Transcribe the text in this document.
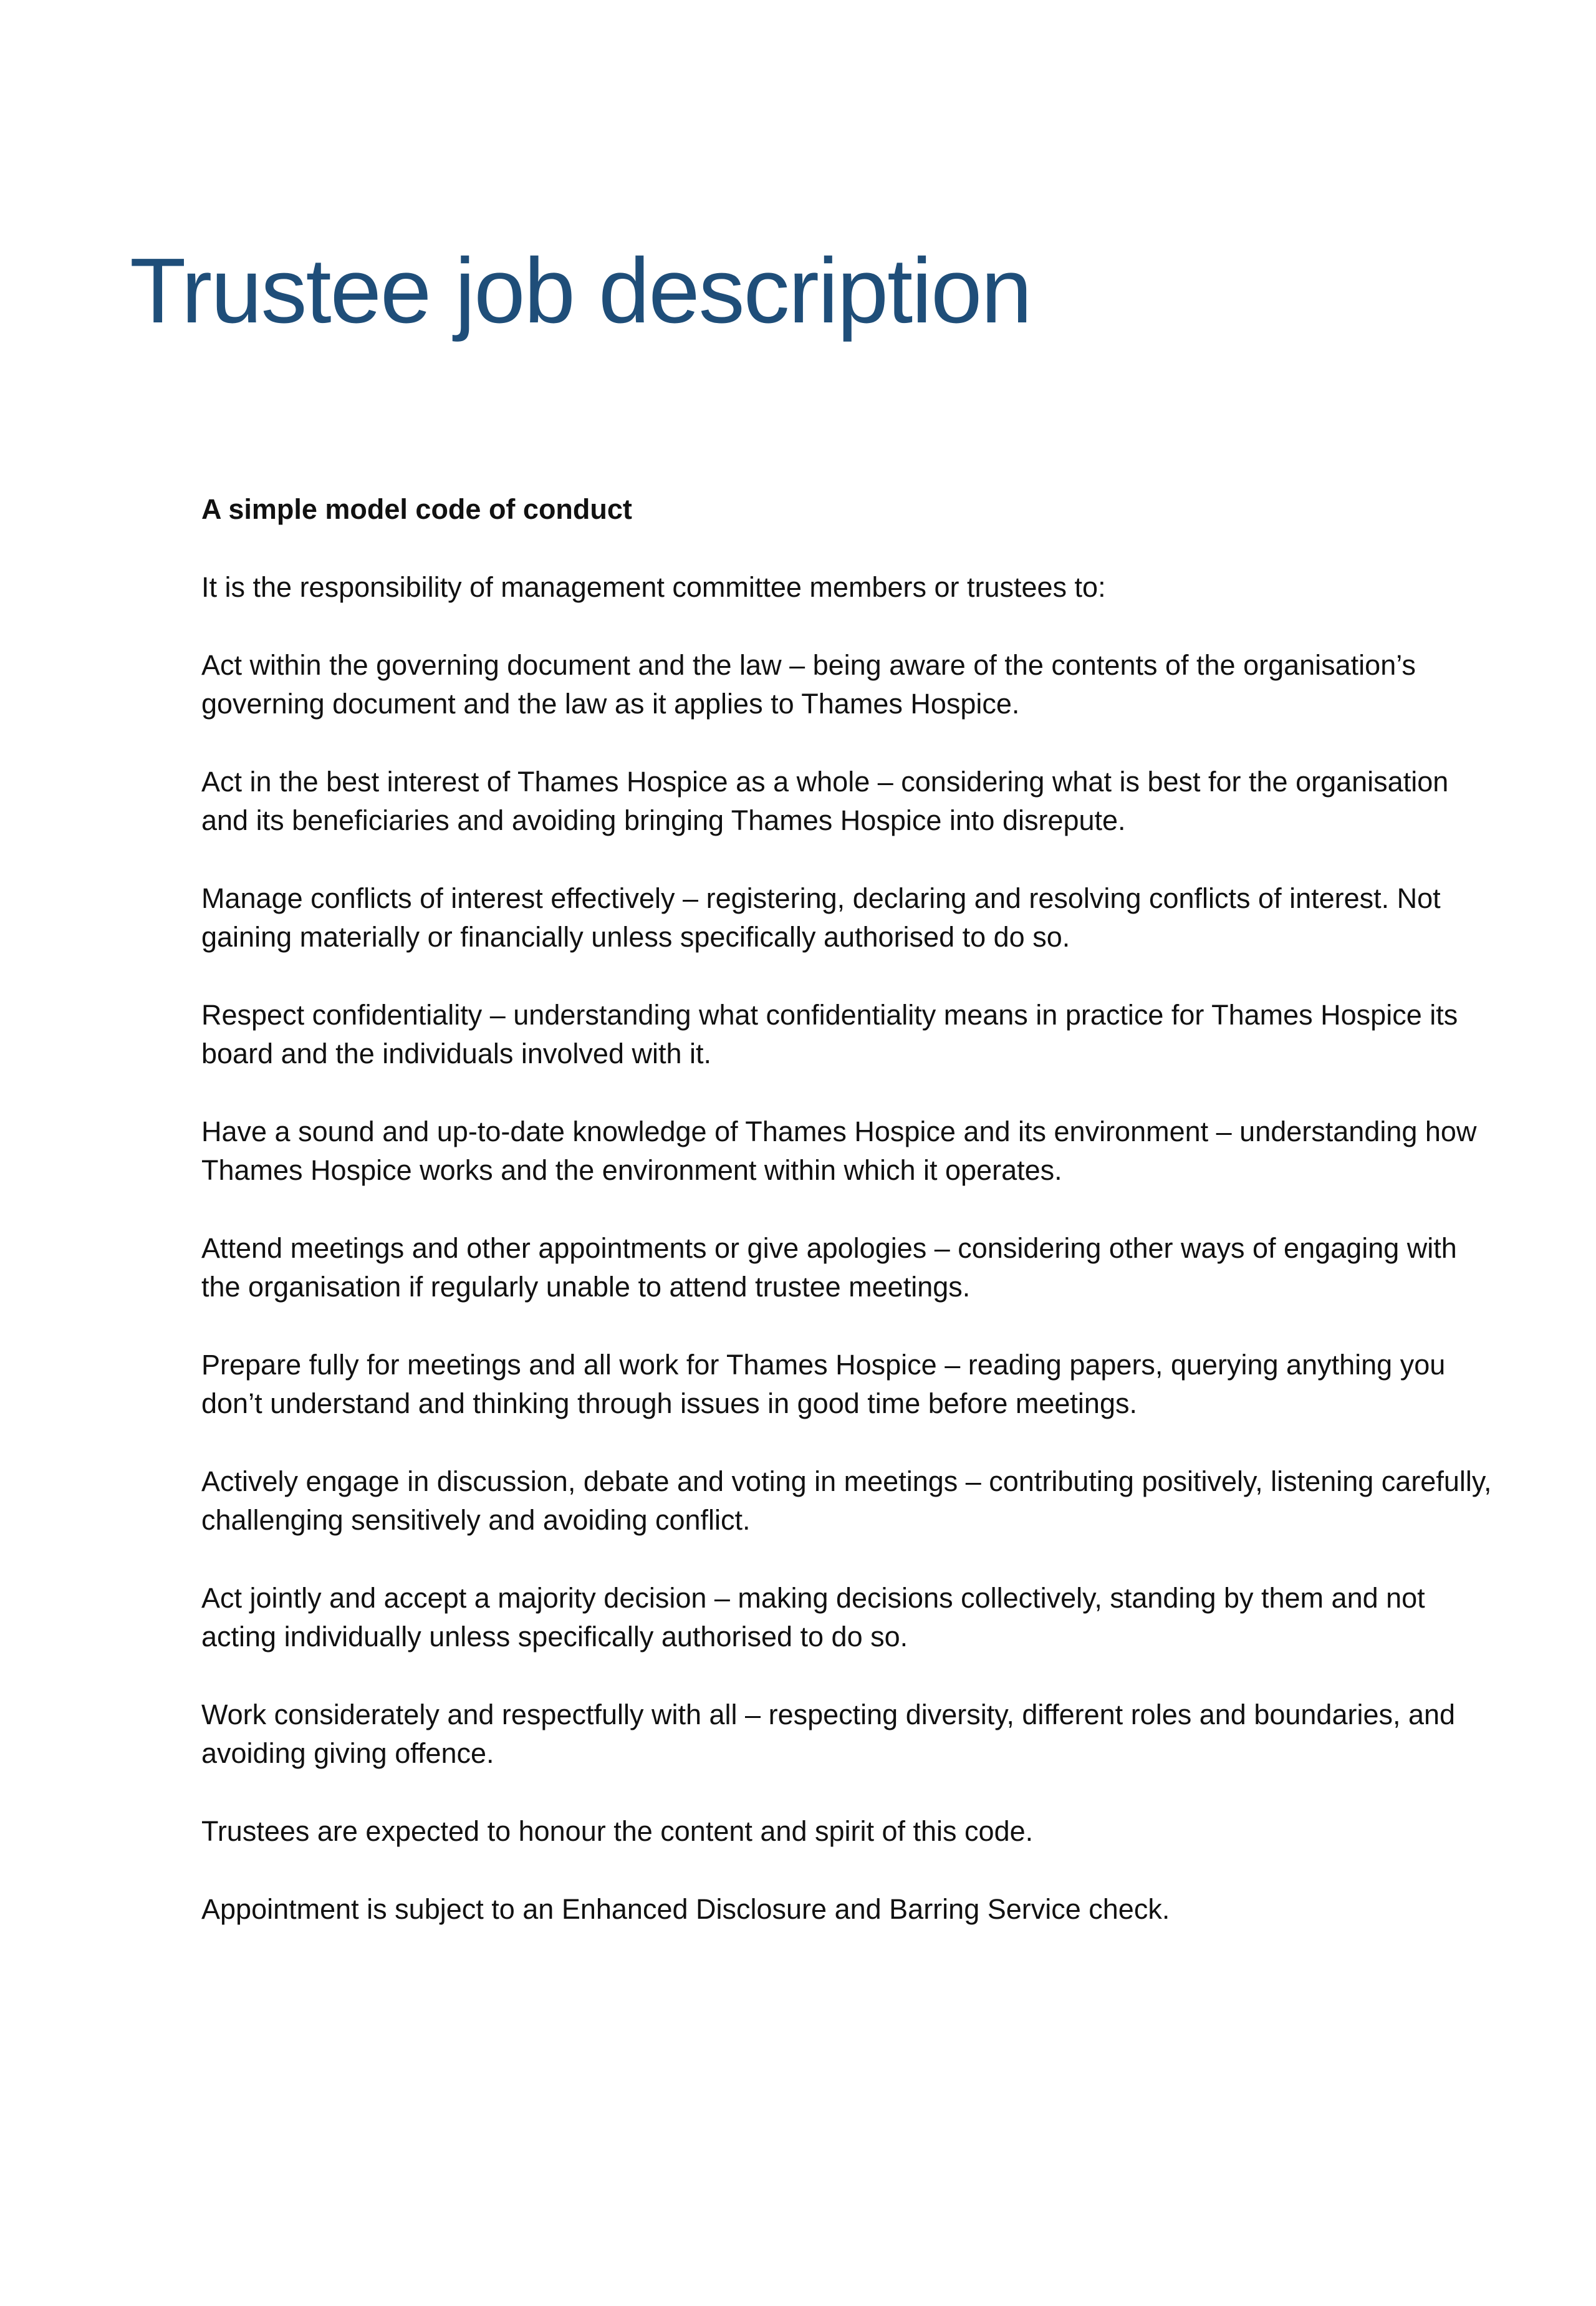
Trustee job description

A simple model code of conduct

It is the responsibility of management committee members or trustees to:

Act within the governing document and the law – being aware of the contents of the organisation’s governing document and the law as it applies to Thames Hospice.

Act in the best interest of Thames Hospice as a whole – considering what is best for the organisation and its beneficiaries and avoiding bringing Thames Hospice into disrepute.

Manage conflicts of interest effectively – registering, declaring and resolving conflicts of interest. Not gaining materially or financially unless specifically authorised to do so.

Respect confidentiality – understanding what confidentiality means in practice for Thames Hospice its board and the individuals involved with it.

Have a sound and up-to-date knowledge of Thames Hospice and its environment – understanding how Thames Hospice works and the environment within which it operates.

Attend meetings and other appointments or give apologies – considering other ways of engaging with the organisation if regularly unable to attend trustee meetings.

Prepare fully for meetings and all work for Thames Hospice – reading papers, querying anything you don’t understand and thinking through issues in good time before meetings.

Actively engage in discussion, debate and voting in meetings – contributing positively, listening carefully, challenging sensitively and avoiding conflict.

Act jointly and accept a majority decision – making decisions collectively, standing by them and not acting individually unless specifically authorised to do so.

Work considerately and respectfully with all – respecting diversity, different roles and boundaries, and avoiding giving offence.

Trustees are expected to honour the content and spirit of this code.

Appointment is subject to an Enhanced Disclosure and Barring Service check.
